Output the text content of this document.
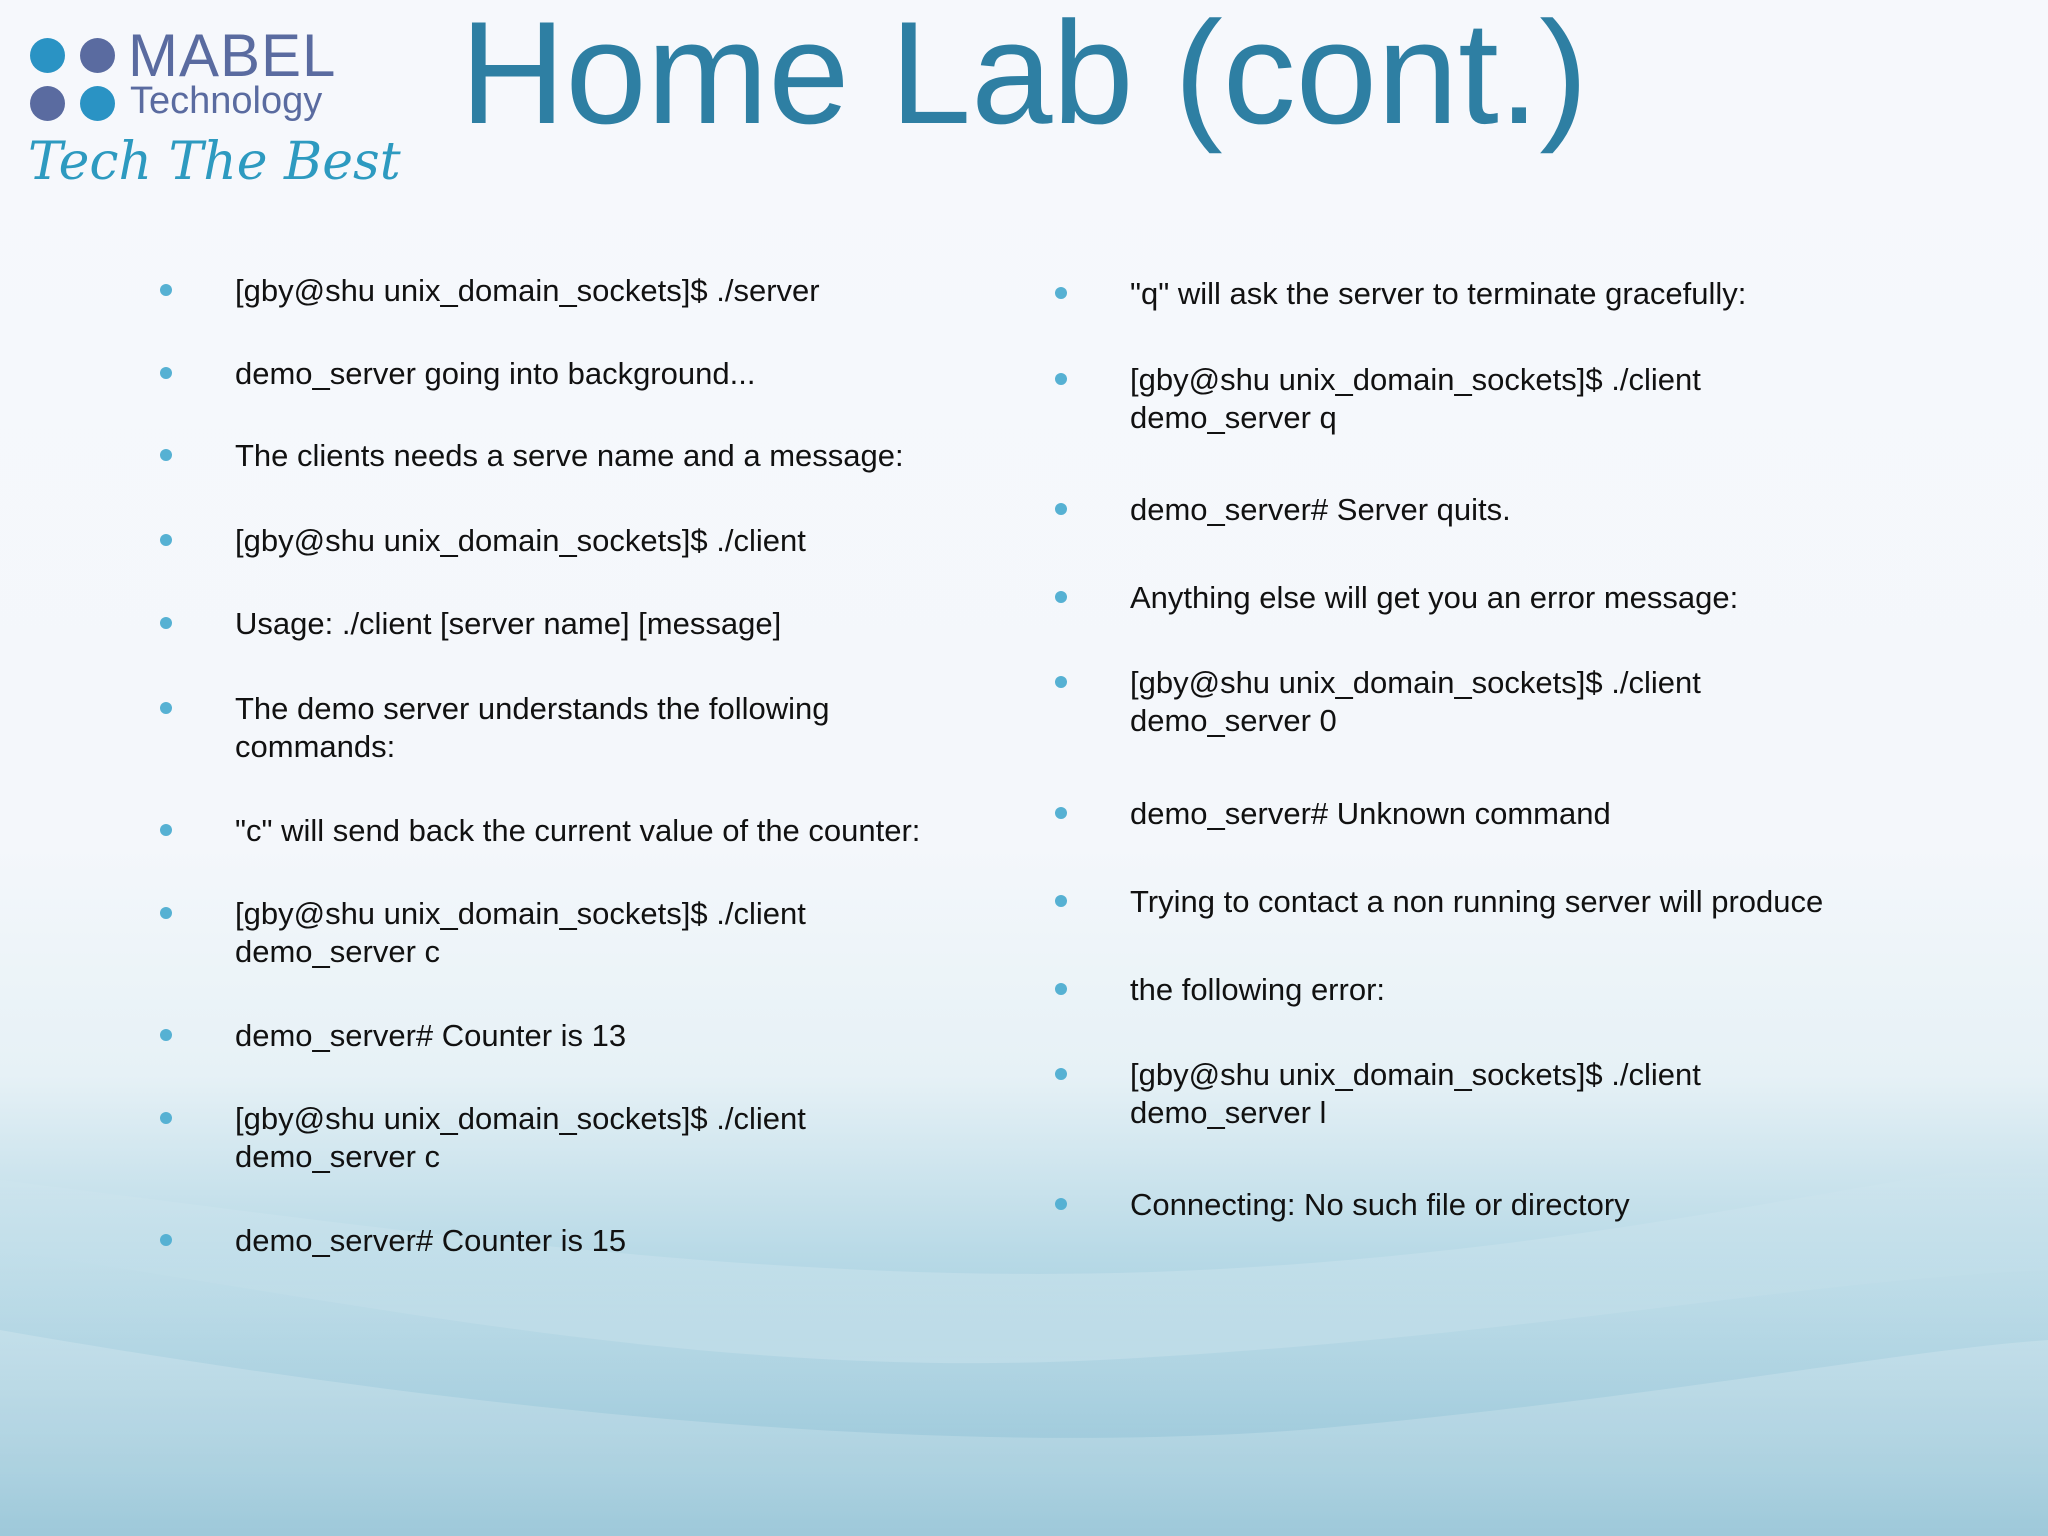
MABEL
Technology
Tech The Best
Home Lab (cont.)
[gby@shu unix_domain_sockets]$ ./server
demo_server going into background...
The clients needs a serve name and a message:
[gby@shu unix_domain_sockets]$ ./client
Usage: ./client [server name] [message]
The demo server understands the following
commands:
"c" will send back the current value of the counter:
[gby@shu unix_domain_sockets]$ ./client
demo_server c
demo_server# Counter is 13
[gby@shu unix_domain_sockets]$ ./client
demo_server c
demo_server# Counter is 15
"q" will ask the server to terminate gracefully:
[gby@shu unix_domain_sockets]$ ./client
demo_server q
demo_server# Server quits.
Anything else will get you an error message:
[gby@shu unix_domain_sockets]$ ./client
demo_server 0
demo_server# Unknown command
Trying to contact a non running server will produce
the following error:
[gby@shu unix_domain_sockets]$ ./client
demo_server l
Connecting: No such file or directory
